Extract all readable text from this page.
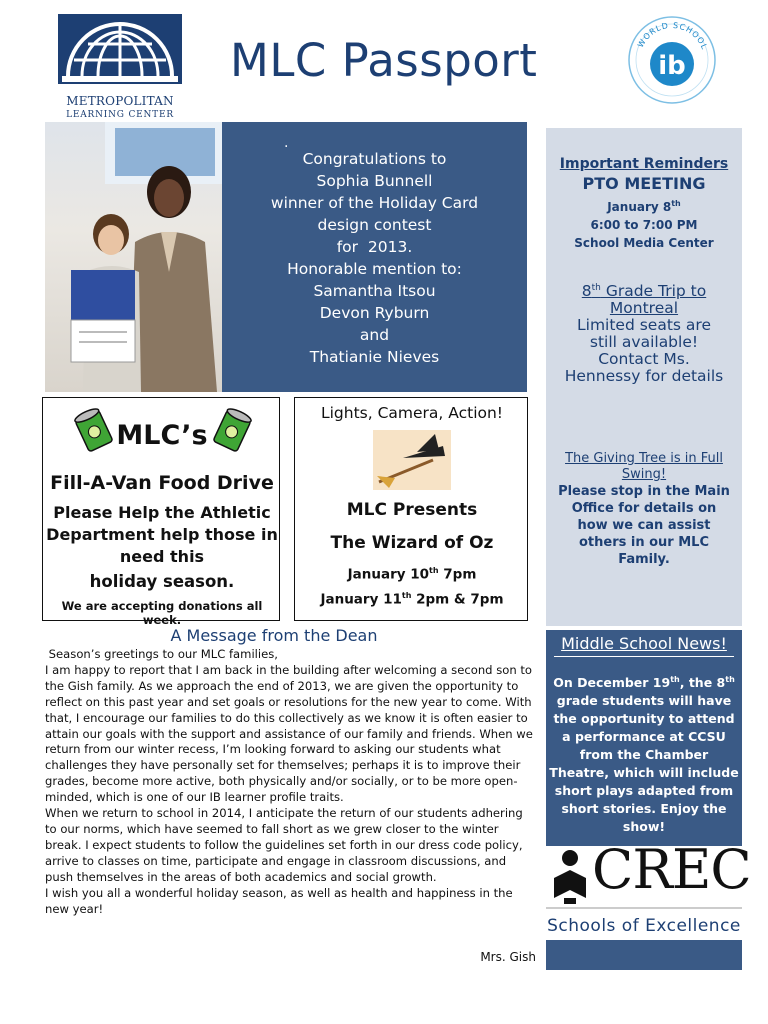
METROPOLITAN
LEARNING CENTER
MLC Passport	WORLD SCHOOL
ib
.
Congratulations to
Sophia Bunnell
winner of the Holiday Card
design contest
for  2013.
Honorable mention to:
Samantha Itsou
Devon Ryburn
and
Thatianie Nieves
Important Reminders
PTO MEETING
January 8th
6:00 to 7:00 PM
School Media Center
8th Grade Trip to
Montreal
Limited seats are
still available!
Contact Ms.
Hennessy for details
The Giving Tree is in Full
Swing!
Please stop in the Main
Office for details on
how we can assist
others in our MLC
Family.
Middle School News!
On December 19th, the 8th grade students will have the opportunity to attend a performance at CCSU from the Chamber Theatre, which will include short plays adapted from short stories. Enjoy the show!
CREC
Schools of Excellence
MLC’s
Fill-A-Van Food Drive
Please Help the Athletic
Department help those in
need this
holiday season.
We are accepting donations all week.
Lights, Camera, Action!
MLC Presents
The Wizard of Oz
January 10th 7pm
January 11th 2pm & 7pm
A Message from the Dean

Season’s greetings to our MLC families,

I am happy to report that I am back in the building after welcoming a second son to the Gish family. As we approach the end of 2013, we are given the opportunity to reflect on this past year and set goals or resolutions for the new year to come. With that, I encourage our families to do this collectively as we know it is often easier to attain our goals with the support and assistance of our family and friends. When we return from our winter recess, I’m looking forward to asking our students what challenges they have personally set for themselves; perhaps it is to improve their grades, become more active, both physically and/or socially, or to be more open-minded, which is one of our IB learner profile traits.

When we return to school in 2014, I anticipate the return of our students adhering to our norms, which have seemed to fall short as we grew closer to the winter break. I expect students to follow the guidelines set forth in our dress code policy, arrive to classes on time, participate and engage in classroom discussions, and push themselves in the areas of both academics and social growth.

I wish you all a wonderful holiday season, as well as health and happiness in the new year!

Mrs. Gish
